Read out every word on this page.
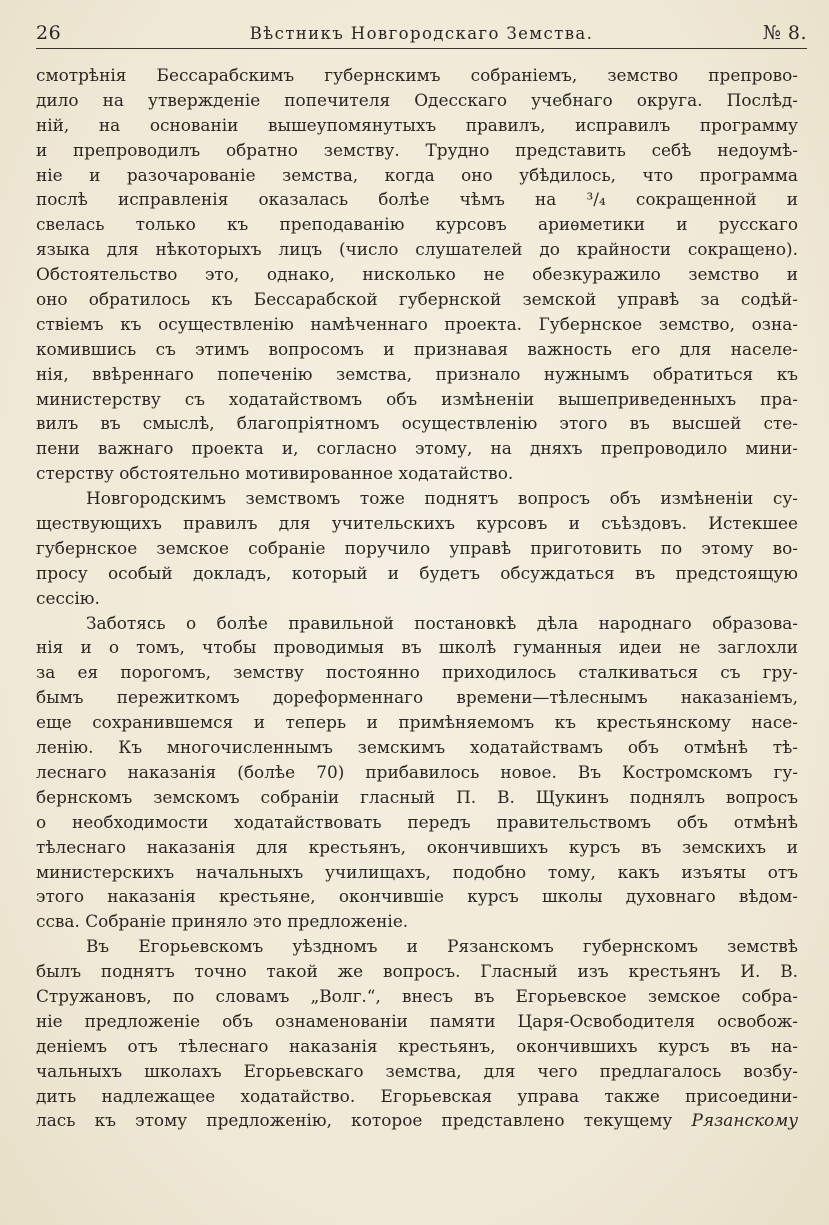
26	Вѣстникъ Новгородскаго Земства.	№ 8.
смотрѣнія Бессарабскимъ губернскимъ собраніемъ, земство препрово-
дило на утвержденіе попечителя Одесскаго учебнаго округа. Послѣд-
ній, на основаніи вышеупомянутыхъ правилъ, исправилъ программу
и препроводилъ обратно земству. Трудно представить себѣ недоумѣ-
ніе и разочарованіе земства, когда оно убѣдилось, что программа
послѣ исправленія оказалась болѣе чѣмъ на ³/₄ сокращенной и
свелась только къ преподаванію курсовъ ариѳметики и русскаго
языка для нѣкоторыхъ лицъ (число слушателей до крайности сокращено).
Обстоятельство это, однако, нисколько не обезкуражило земство и
оно обратилось къ Бессарабской губернской земской управѣ за содѣй-
ствіемъ къ осуществленію намѣченнаго проекта. Губернское земство, озна-
комившись съ этимъ вопросомъ и признавая важность его для населе-
нія, ввѣреннаго попеченію земства, признало нужнымъ обратиться къ
министерству съ ходатайствомъ объ измѣненіи вышеприведенныхъ пра-
вилъ въ смыслѣ, благопріятномъ осуществленію этого въ высшей сте-
пени важнаго проекта и, согласно этому, на дняхъ препроводило мини-
стерству обстоятельно мотивированное ходатайство.
Новгородскимъ земствомъ тоже поднятъ вопросъ объ измѣненіи су-
ществующихъ правилъ для учительскихъ курсовъ и съѣздовъ. Истекшее
губернское земское собраніе поручило управѣ приготовить по этому во-
просу особый докладъ, который и будетъ обсуждаться въ предстоящую
сессію.
Заботясь о болѣе правильной постановкѣ дѣла народнаго образова-
нія и о томъ, чтобы проводимыя въ школѣ гуманныя идеи не заглохли
за ея порогомъ, земству постоянно приходилось сталкиваться съ гру-
бымъ пережиткомъ дореформеннаго времени—тѣлеснымъ наказаніемъ,
еще сохранившемся и теперь и примѣняемомъ къ крестьянскому насе-
ленію. Къ многочисленнымъ земскимъ ходатайствамъ объ отмѣнѣ тѣ-
леснаго наказанія (болѣе 70) прибавилось новое. Въ Костромскомъ гу-
бернскомъ земскомъ собраніи гласный П. В. Щукинъ поднялъ вопросъ
о необходимости ходатайствовать передъ правительствомъ объ отмѣнѣ
тѣлеснаго наказанія для крестьянъ, окончившихъ курсъ въ земскихъ и
министерскихъ начальныхъ училищахъ, подобно тому, какъ изъяты отъ
этого наказанія крестьяне, окончившіе курсъ школы духовнаго вѣдом-
ссва. Собраніе приняло это предложеніе.
Въ Егорьевскомъ уѣздномъ и Рязанскомъ губернскомъ земствѣ
былъ поднятъ точно такой же вопросъ. Гласный изъ крестьянъ И. В.
Стружановъ, по словамъ „Волг.“, внесъ въ Егорьевское земское собра-
ніе предложеніе объ ознаменованіи памяти Царя-Освободителя освобож-
деніемъ отъ тѣлеснаго наказанія крестьянъ, окончившихъ курсъ въ на-
чальныхъ школахъ Егорьевскаго земства, для чего предлагалось возбу-
дить надлежащее ходатайство. Егорьевская управа также присоедини-
лась къ этому предложенію, которое представлено текущему Рязанскому
